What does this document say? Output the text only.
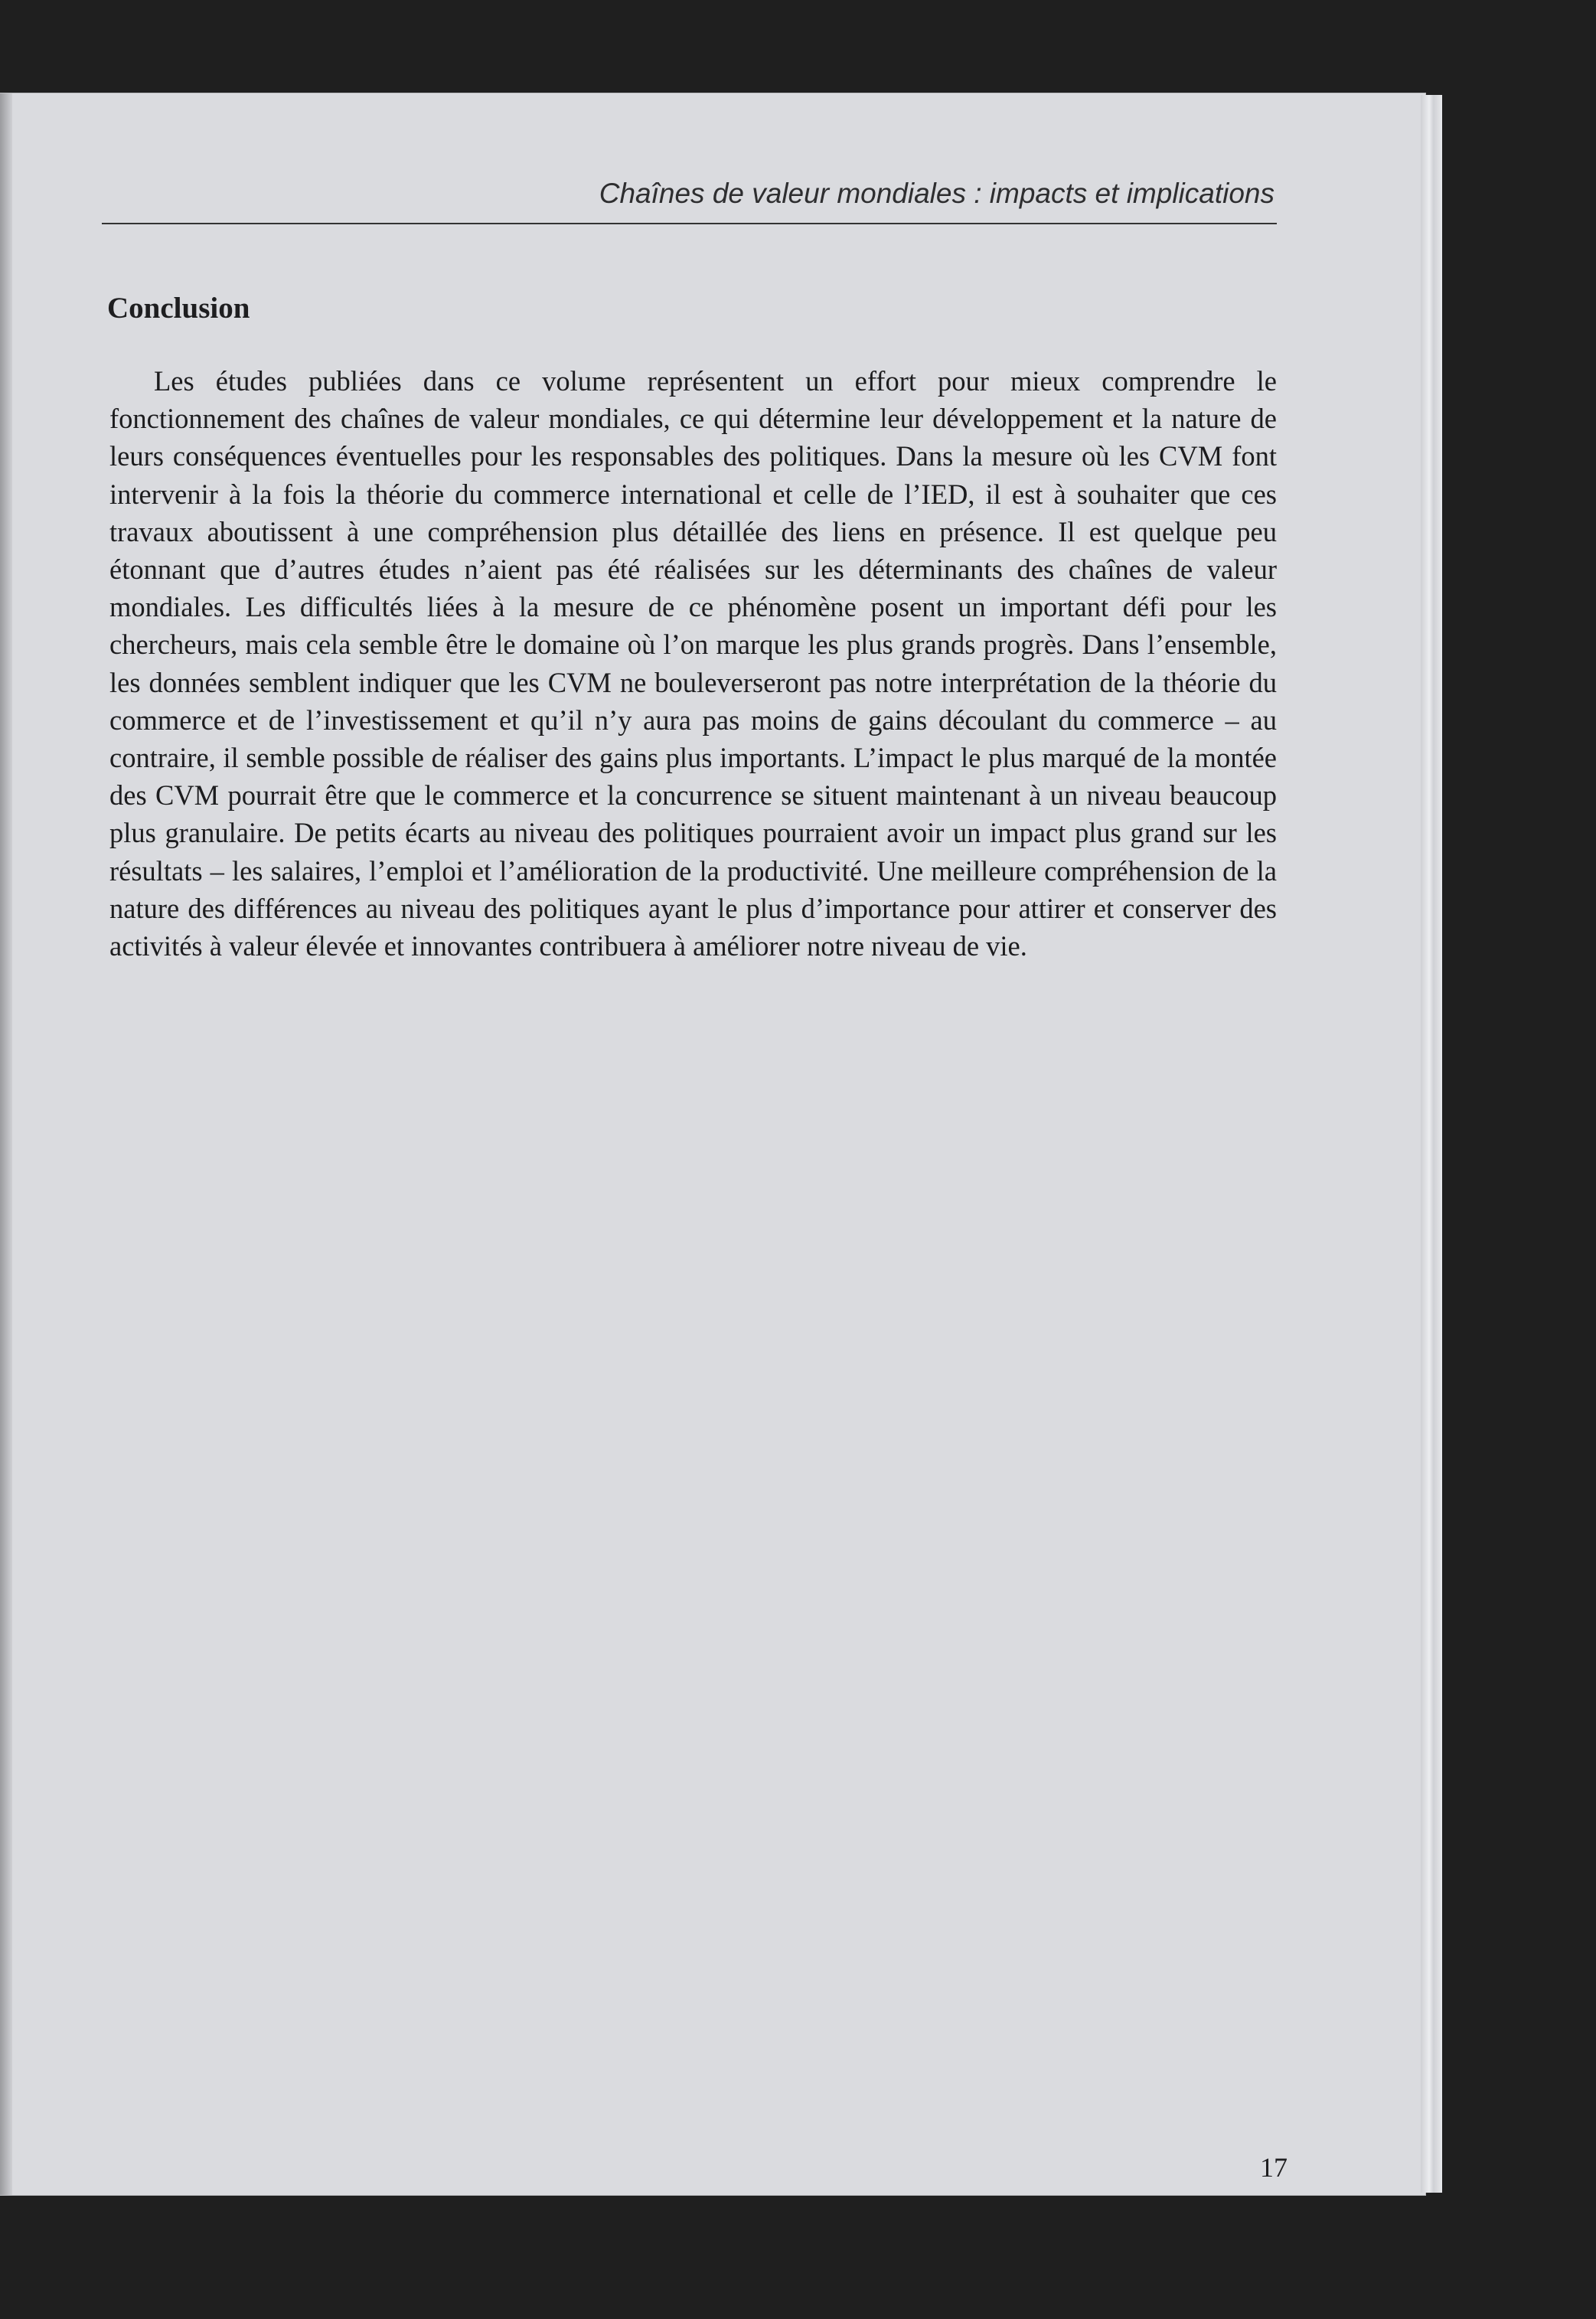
Chaînes de valeur mondiales : impacts et implications
Conclusion

Les études publiées dans ce volume représentent un effort pour mieux comprendre le fonctionnement des chaînes de valeur mondiales, ce qui détermine leur développement et la nature de leurs conséquences éventuelles pour les responsables des politiques. Dans la mesure où les CVM font intervenir à la fois la théorie du commerce international et celle de l’IED, il est à souhaiter que ces travaux aboutissent à une compréhension plus détaillée des liens en présence. Il est quelque peu étonnant que d’autres études n’aient pas été réalisées sur les déterminants des chaînes de valeur mondiales. Les difficultés liées à la mesure de ce phénomène posent un important défi pour les chercheurs, mais cela semble être le domaine où l’on marque les plus grands progrès. Dans l’ensemble, les données semblent indiquer que les CVM ne bouleverseront pas notre interprétation de la théorie du commerce et de l’investissement et qu’il n’y aura pas moins de gains découlant du commerce – au contraire, il semble possible de réaliser des gains plus importants. L’impact le plus marqué de la montée des CVM pourrait être que le commerce et la concurrence se situent maintenant à un niveau beaucoup plus granulaire. De petits écarts au niveau des politiques pourraient avoir un impact plus grand sur les résultats – les salaires, l’emploi et l’amélioration de la productivité. Une meilleure compréhension de la nature des différences au niveau des politiques ayant le plus d’importance pour attirer et conserver des activités à valeur élevée et innovantes contribuera à améliorer notre niveau de vie.

17
